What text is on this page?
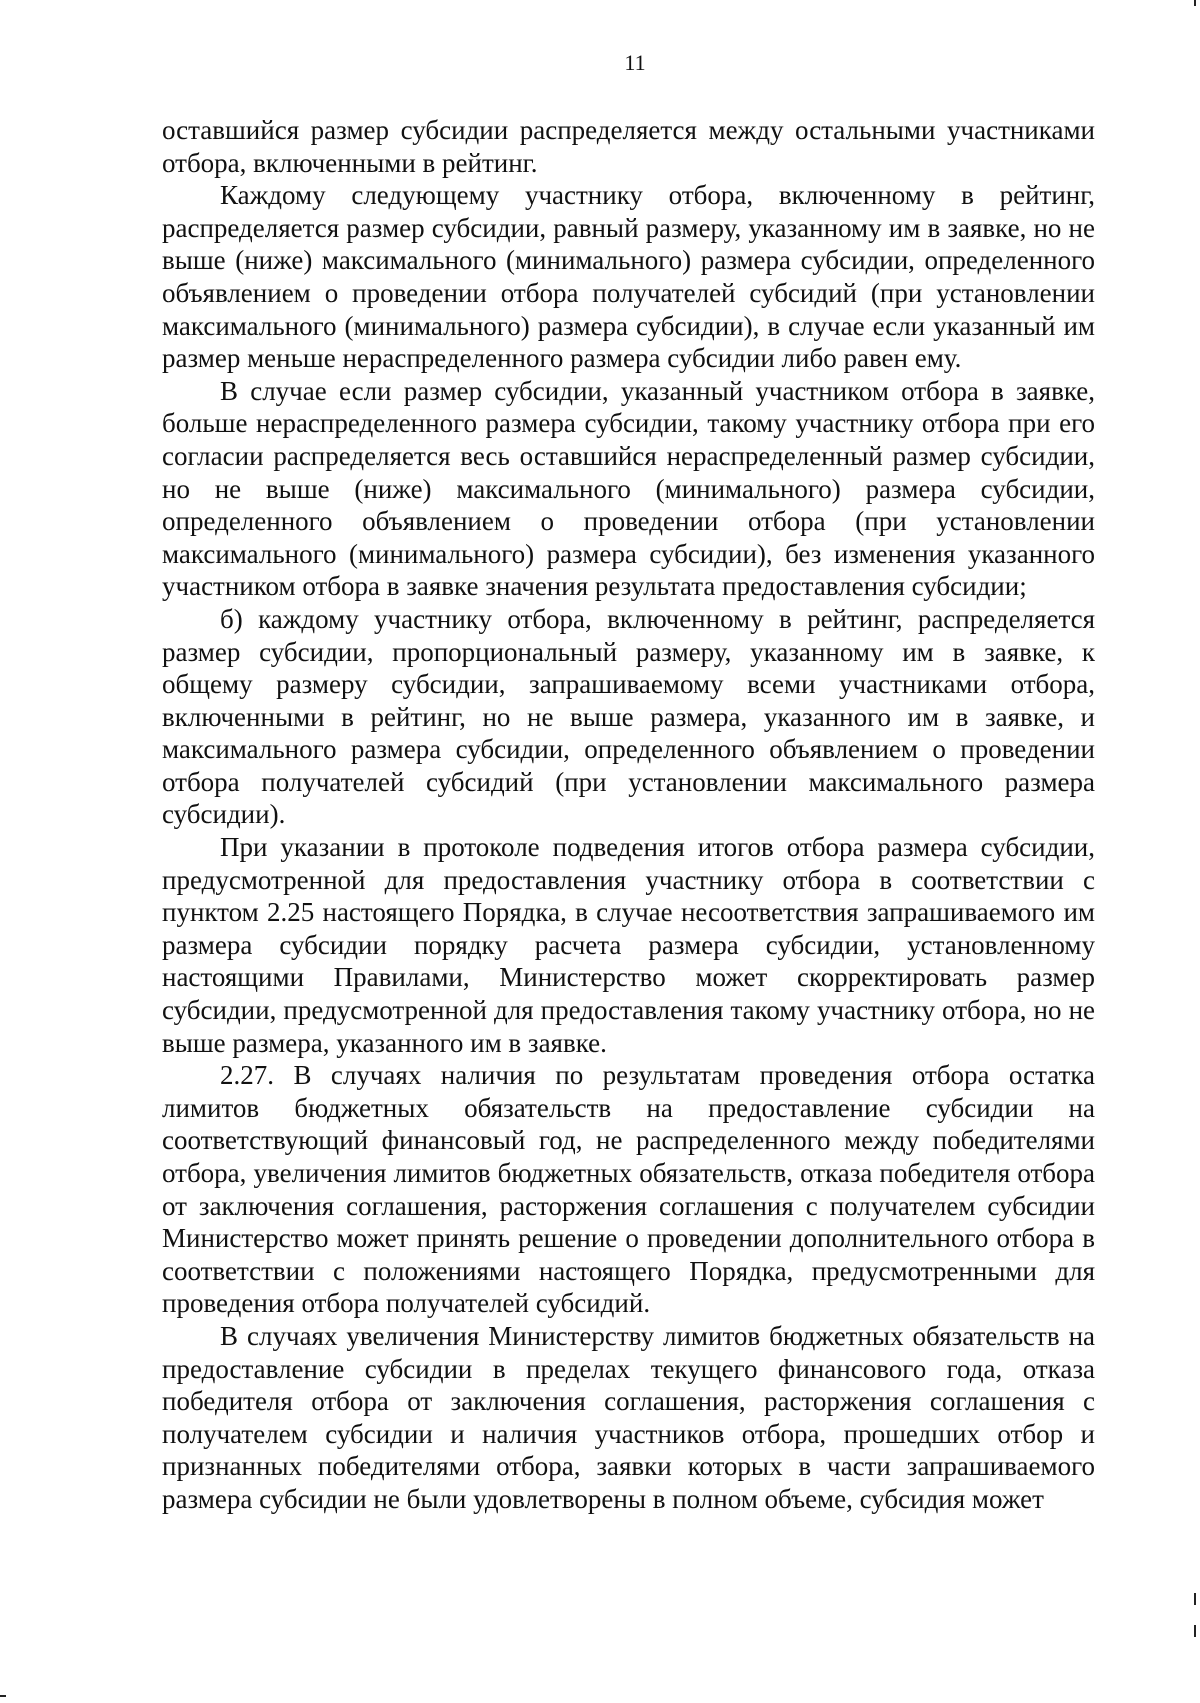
11

оставшийся размер субсидии распределяется между остальными участниками отбора, включенными в рейтинг.

Каждому следующему участнику отбора, включенному в рейтинг, распределяется размер субсидии, равный размеру, указанному им в заявке, но не выше (ниже) максимального (минимального) размера субсидии, определенного объявлением о проведении отбора получателей субсидий (при установлении максимального (минимального) размера субсидии), в случае если указанный им размер меньше нераспределенного размера субсидии либо равен ему.

В случае если размер субсидии, указанный участником отбора в заявке, больше нераспределенного размера субсидии, такому участнику отбора при его согласии распределяется весь оставшийся нераспределенный размер субсидии, но не выше (ниже) максимального (минимального) размера субсидии, определенного объявлением о проведении отбора (при установлении максимального (минимального) размера субсидии), без изменения указанного участником отбора в заявке значения результата предоставления субсидии;

б) каждому участнику отбора, включенному в рейтинг, распределяется размер субсидии, пропорциональный размеру, указанному им в заявке, к общему размеру субсидии, запрашиваемому всеми участниками отбора, включенными в рейтинг, но не выше размера, указанного им в заявке, и максимального размера субсидии, определенного объявлением о проведении отбора получателей субсидий (при установлении максимального размера субсидии).

При указании в протоколе подведения итогов отбора размера субсидии, предусмотренной для предоставления участнику отбора в соответствии с пунктом 2.25 настоящего Порядка, в случае несоответствия запрашиваемого им размера субсидии порядку расчета размера субсидии, установленному настоящими Правилами, Министерство может скорректировать размер субсидии, предусмотренной для предоставления такому участнику отбора, но не выше размера, указанного им в заявке.

2.27. В случаях наличия по результатам проведения отбора остатка лимитов бюджетных обязательств на предоставление субсидии на соответствующий финансовый год, не распределенного между победителями отбора, увеличения лимитов бюджетных обязательств, отказа победителя отбора от заключения соглашения, расторжения соглашения с получателем субсидии Министерство может принять решение о проведении дополнительного отбора в соответствии с положениями настоящего Порядка, предусмотренными для проведения отбора получателей субсидий.

В случаях увеличения Министерству лимитов бюджетных обязательств на предоставление субсидии в пределах текущего финансового года, отказа победителя отбора от заключения соглашения, расторжения соглашения с получателем субсидии и наличия участников отбора, прошедших отбор и признанных победителями отбора, заявки которых в части запрашиваемого размера субсидии не были удовлетворены в полном объеме, субсидия может
